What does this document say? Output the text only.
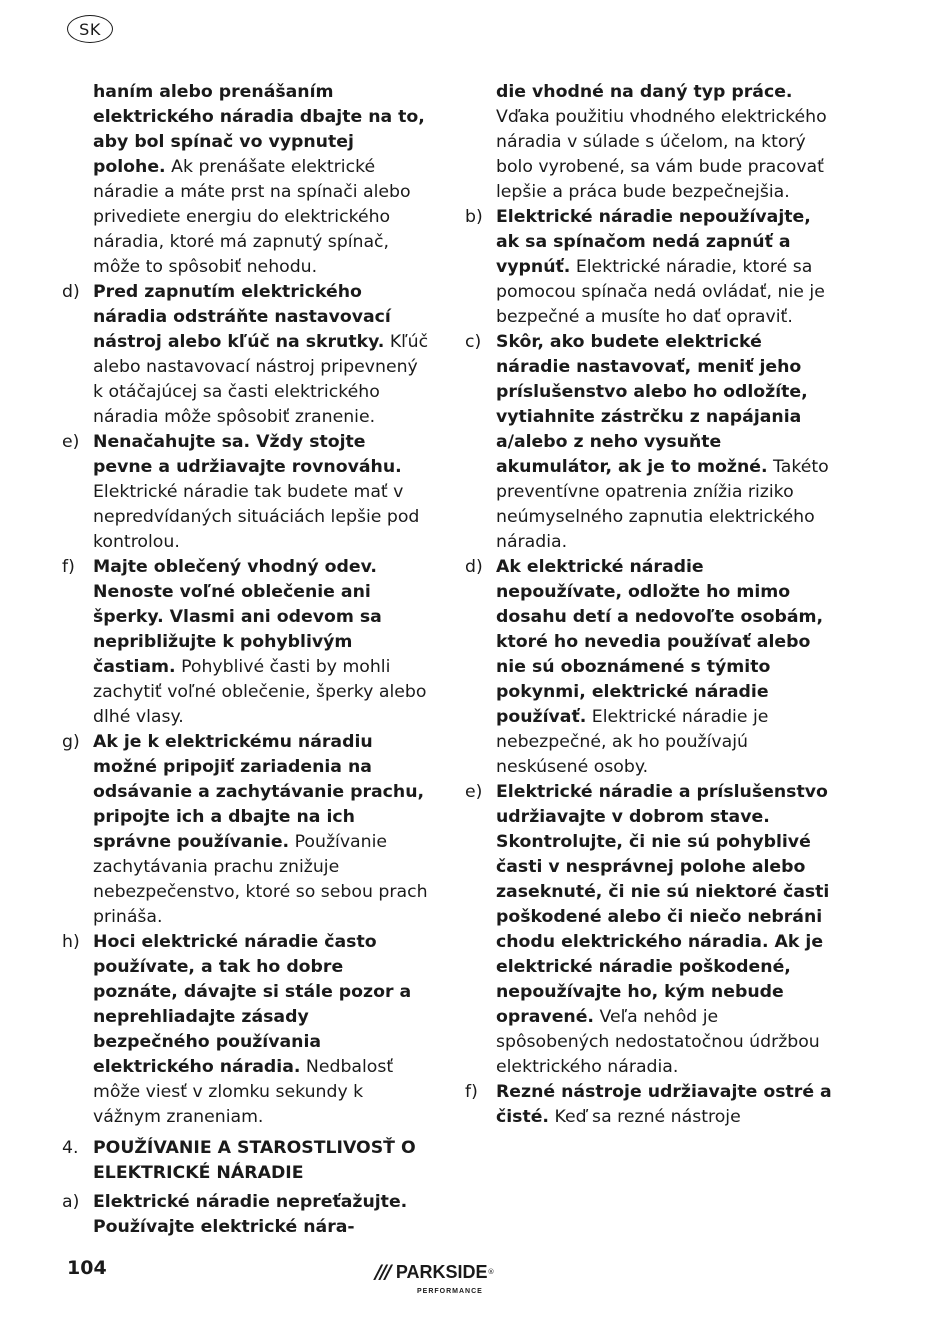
SK

haním alebo prenášaním elektrického náradia dbajte na to, aby bol spínač vo vypnutej polohe. Ak prenášate elektrické náradie a máte prst na spínači alebo privediete energiu do elektrického náradia, ktoré má zapnutý spínač, môže to spôsobiť nehodu.

d) Pred zapnutím elektrického náradia odstráňte nastavovací nástroj alebo kľúč na skrutky. Kľúč alebo nastavovací nástroj pripevnený k otáčajúcej sa časti elektrického náradia môže spôsobiť zranenie.
e) Nenačahujte sa. Vždy stojte pevne a udržiavajte rovnováhu. Elektrické náradie tak budete mať v nepredvídaných situáciách lepšie pod kontrolou.
f)	Majte oblečený vhodný odev. Nenoste voľné oblečenie ani šperky. Vlasmi ani odevom sa nepribližujte k pohyblivým častiam. Pohyblivé časti by mohli zachytiť voľné oblečenie, šperky alebo dlhé vlasy.
g) Ak je k elektrickému náradiu možné pripojiť zariadenia na odsávanie a zachytávanie prachu, pripojte ich a dbajte na ich správne používanie. Používanie zachytávania prachu znižuje nebezpečenstvo, ktoré so sebou prach prináša.
h) Hoci elektrické náradie často používate, a tak ho dobre poznáte, dávajte si stále pozor a neprehliadajte zásady bezpečného používania elektrického náradia. Nedbalosť môže viesť v zlomku sekundy k vážnym zraneniam.
4. POUŽÍVANIE A STAROSTLIVOSŤ O ELEKTRICKÉ NÁRADIE
a) Elektrické náradie nepreťažujte. Používajte elektrické nára-

die vhodné na daný typ práce. Vďaka použitiu vhodného elektrického náradia v súlade s účelom, na ktorý bolo vyrobené, sa vám bude pracovať lepšie a práca bude bezpečnejšia.

b) Elektrické náradie nepoužívajte, ak sa spínačom nedá zapnúť a vypnúť. Elektrické náradie, ktoré sa pomocou spínača nedá ovládať, nie je bezpečné a musíte ho dať opraviť.
c) Skôr, ako budete elektrické náradie nastavovať, meniť jeho príslušenstvo alebo ho odložíte, vytiahnite zástrčku z napájania a/alebo z neho vysuňte akumulátor, ak je to možné. Takéto preventívne opatrenia znížia riziko neúmyselného zapnutia elektrického náradia.
d) Ak elektrické náradie nepoužívate, odložte ho mimo dosahu detí a nedovoľte osobám, ktoré ho nevedia používať alebo nie sú oboznámené s týmito pokynmi, elektrické náradie používať. Elektrické náradie je nebezpečné, ak ho používajú neskúsené osoby.
e) Elektrické náradie a príslušenstvo udržiavajte v dobrom stave. Skontrolujte, či nie sú pohyblivé časti v nesprávnej polohe alebo zaseknuté, či nie sú niektoré časti poškodené alebo či niečo nebráni chodu elektrického náradia. Ak je elektrické náradie poškodené, nepoužívajte ho, kým nebude opravené. Veľa nehôd je spôsobených nedostatočnou údržbou elektrického náradia.
f)	Rezné nástroje udržiavajte ostré a čisté. Keď sa rezné nástroje
104	/// PARKSIDE ®
PERFORMANCE
